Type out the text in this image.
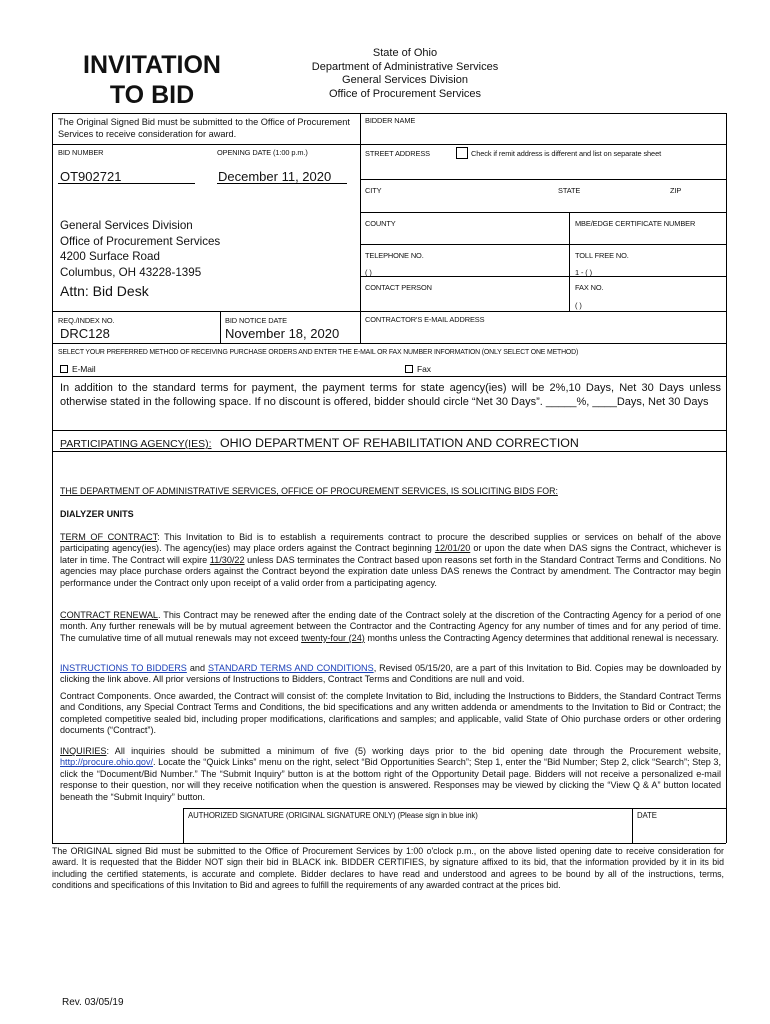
INVITATION
TO BID
State of Ohio
Department of Administrative Services
General Services Division
Office of Procurement Services
The Original Signed Bid must be submitted to the Office of Procurement Services to receive consideration for award.
BID NUMBER	OPENING DATE (1:00 p.m.)
OT902721	December 11, 2020
General Services Division
Office of Procurement Services
4200 Surface Road
Columbus, OH 43228-1395
Attn: Bid Desk
REQ./INDEX NO.
DRC128
BID NOTICE DATE
November 18, 2020
BIDDER NAME
STREET ADDRESS	Check if remit address is different and list on separate sheet
CITY	STATE	ZIP
COUNTY	MBE/EDGE CERTIFICATE NUMBER
TELEPHONE NO.
( )
TOLL FREE NO.
1 - ( )
CONTACT PERSON	FAX NO.
( )
CONTRACTOR'S E-MAIL ADDRESS
SELECT YOUR PREFERRED METHOD OF RECEIVING PURCHASE ORDERS AND ENTER THE E-MAIL OR FAX NUMBER INFORMATION (ONLY SELECT ONE METHOD)
E-Mail	Fax
In addition to the standard terms for payment, the payment terms for state agency(ies) will be 2%,10 Days, Net 30 Days unless otherwise stated in the following space. If no discount is offered, bidder should circle “Net 30 Days”. _____%, ____Days, Net 30 Days
PARTICIPATING AGENCY(IES): OHIO DEPARTMENT OF REHABILITATION AND CORRECTION
THE DEPARTMENT OF ADMINISTRATIVE SERVICES, OFFICE OF PROCUREMENT SERVICES, IS SOLICITING BIDS FOR:
DIALYZER UNITS
TERM OF CONTRACT: This Invitation to Bid is to establish a requirements contract to procure the described supplies or services on behalf of the above participating agency(ies). The agency(ies) may place orders against the Contract beginning 12/01/20 or upon the date when DAS signs the Contract, whichever is later in time. The Contract will expire 11/30/22 unless DAS terminates the Contract based upon reasons set forth in the Standard Contract Terms and Conditions. No agencies may place purchase orders against the Contract beyond the expiration date unless DAS renews the Contract by amendment. The Contractor may begin performance under the Contract only upon receipt of a valid order from a participating agency.
CONTRACT RENEWAL. This Contract may be renewed after the ending date of the Contract solely at the discretion of the Contracting Agency for a period of one month. Any further renewals will be by mutual agreement between the Contractor and the Contracting Agency for any number of times and for any period of time. The cumulative time of all mutual renewals may not exceed twenty-four (24) months unless the Contracting Agency determines that additional renewal is necessary.
INSTRUCTIONS TO BIDDERS and STANDARD TERMS AND CONDITIONS, Revised 05/15/20, are a part of this Invitation to Bid. Copies may be downloaded by clicking the link above. All prior versions of Instructions to Bidders, Contract Terms and Conditions are null and void.
Contract Components. Once awarded, the Contract will consist of: the complete Invitation to Bid, including the Instructions to Bidders, the Standard Contract Terms and Conditions, any Special Contract Terms and Conditions, the bid specifications and any written addenda or amendments to the Invitation to Bid or Contract; the completed competitive sealed bid, including proper modifications, clarifications and samples; and applicable, valid State of Ohio purchase orders or other ordering documents (“Contract”).
INQUIRIES: All inquiries should be submitted a minimum of five (5) working days prior to the bid opening date through the Procurement website, http://procure.ohio.gov/. Locate the “Quick Links” menu on the right, select “Bid Opportunities Search”; Step 1, enter the “Bid Number; Step 2, click “Search”; Step 3, click the “Document/Bid Number.” The “Submit Inquiry” button is at the bottom right of the Opportunity Detail page. Bidders will not receive a personalized e-mail response to their question, nor will they receive notification when the question is answered. Responses may be viewed by clicking the “View Q & A” button located beneath the “Submit Inquiry” button.
AUTHORIZED SIGNATURE (ORIGINAL SIGNATURE ONLY) (Please sign in blue ink)	DATE
The ORIGINAL signed Bid must be submitted to the Office of Procurement Services by 1:00 o'clock p.m., on the above listed opening date to receive consideration for award. It is requested that the Bidder NOT sign their bid in BLACK ink. BIDDER CERTIFIES, by signature affixed to its bid, that the information provided by it in its bid including the certified statements, is accurate and complete. Bidder declares to have read and understood and agrees to be bound by all of the instructions, terms, conditions and specifications of this Invitation to Bid and agrees to fulfill the requirements of any awarded contract at the prices bid.
Rev. 03/05/19
